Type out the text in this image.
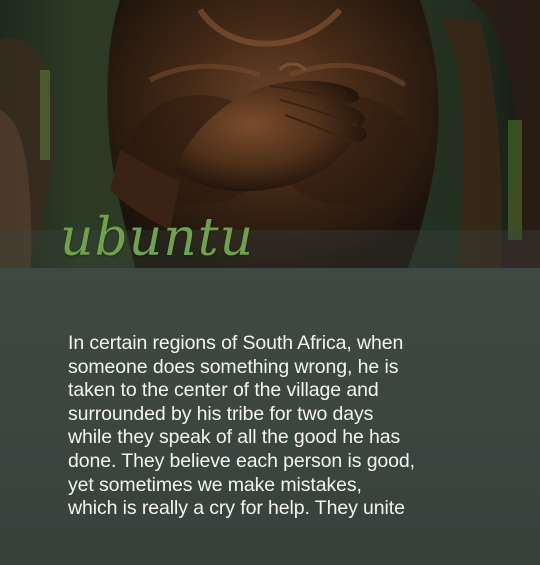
ubuntu

In certain regions of South Africa, when
someone does something wrong, he is
taken to the center of the village and
surrounded by his tribe for two days
while they speak of all the good he has
done. They believe each person is good,
yet sometimes we make mistakes,
which is really a cry for help. They unite
